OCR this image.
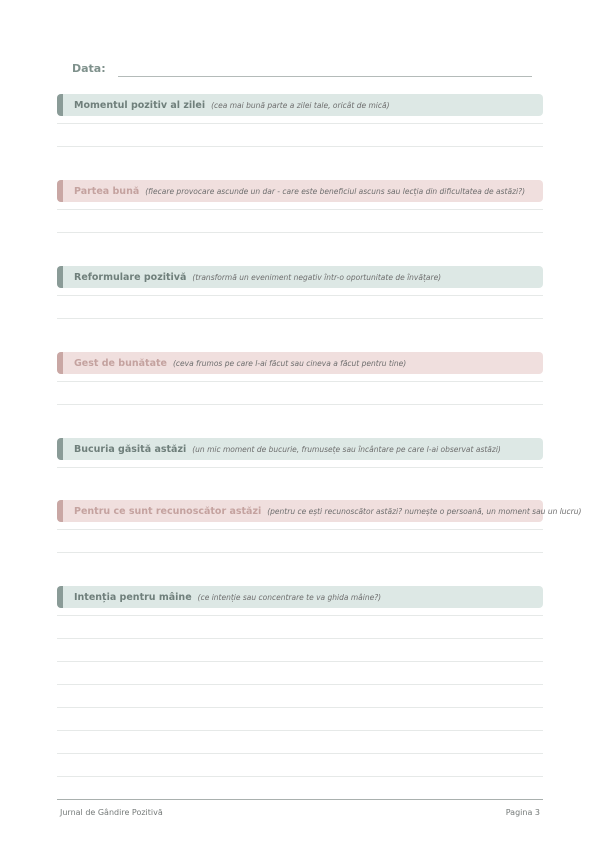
Data:
Momentul pozitiv al zilei (cea mai bună parte a zilei tale, oricât de mică)
Partea bună (fiecare provocare ascunde un dar - care este beneficiul ascuns sau lecția din dificultatea de astăzi?)
Reformulare pozitivă (transformă un eveniment negativ într-o oportunitate de învățare)
Gest de bunătate (ceva frumos pe care l-ai făcut sau cineva a făcut pentru tine)
Bucuria găsită astăzi (un mic moment de bucurie, frumusețe sau încântare pe care l-ai observat astăzi)
Pentru ce sunt recunoscător astăzi (pentru ce ești recunoscător astăzi? numește o persoană, un moment sau un lucru)
Intenția pentru mâine (ce intenție sau concentrare te va ghida mâine?)
Jurnal de Gândire Pozitivă	Pagina 3
